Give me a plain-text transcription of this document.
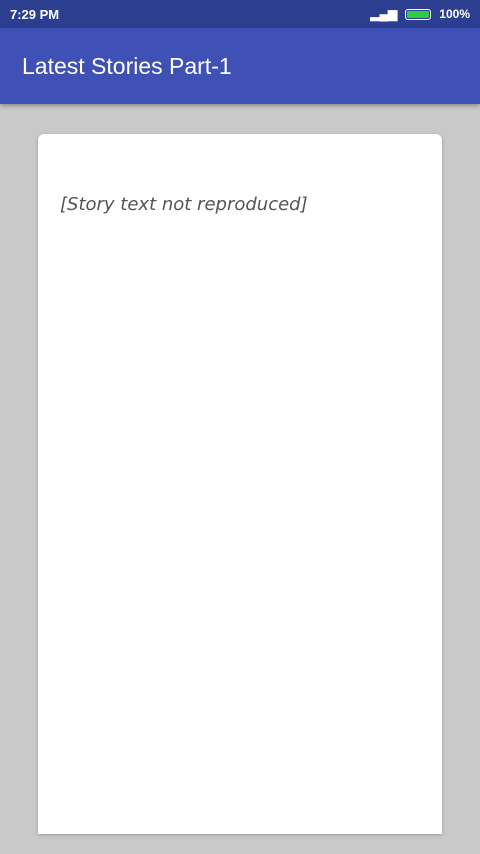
7:29 PM	▂▄▆	100%
Latest Stories Part-1

[Story text not reproduced]
